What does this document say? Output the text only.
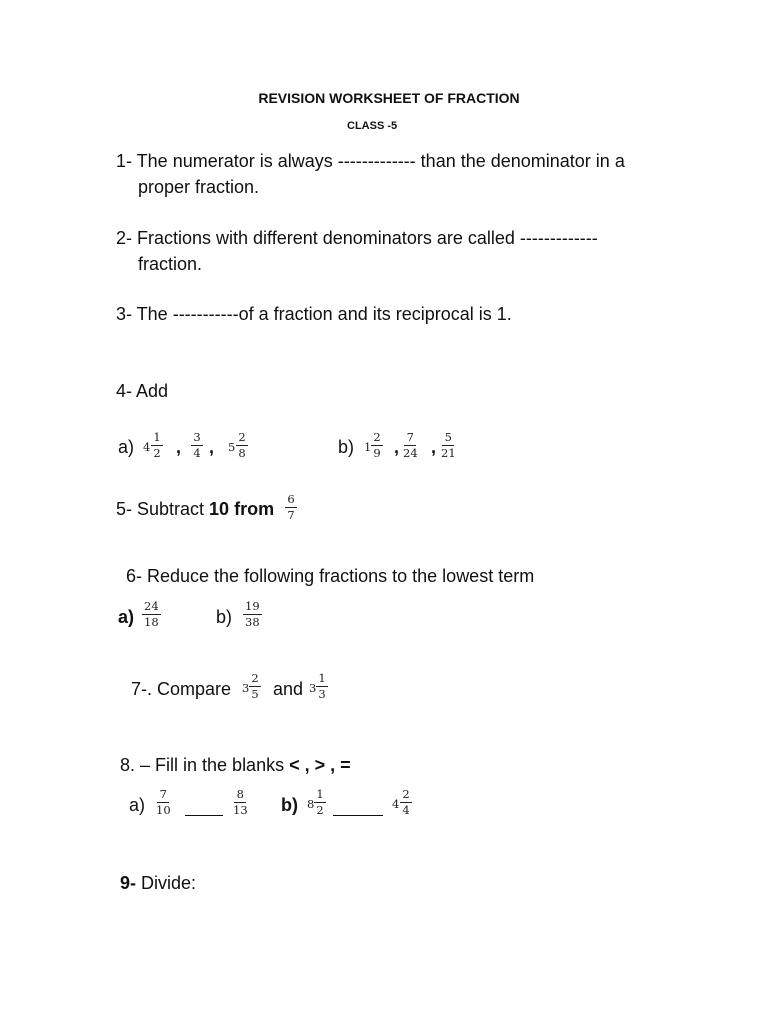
REVISION WORKSHEET OF FRACTION
CLASS -5
1- The numerator is always ------------- than the denominator in a
proper fraction.
2- Fractions with different denominators are called -------------
fraction.
3- The -----------of a fraction and its reciprocal is 1.
4- Add
a) $4 \frac{1}{2}$ , $\frac{3}{4}$ , $5 \frac{2}{8}$	b) $1 \frac{2}{9}$ , $\frac{7}{24}$ , $\frac{5}{21}$
5- Subtract 10 from $\frac{6}{7}$
6- Reduce the following fractions to the lowest term
$a) \frac{24}{18}$	$b) \frac{19}{38}$
7-. Compare $3 \frac{2}{5}$ and $3 \frac{1}{3}$
8. – Fill in the blanks < , > , =
$a) \frac{7}{10}$	$\frac{8}{13} b$) $8 \frac{1}{2}$	$4 \frac{2}{4}$
9- Divide:
